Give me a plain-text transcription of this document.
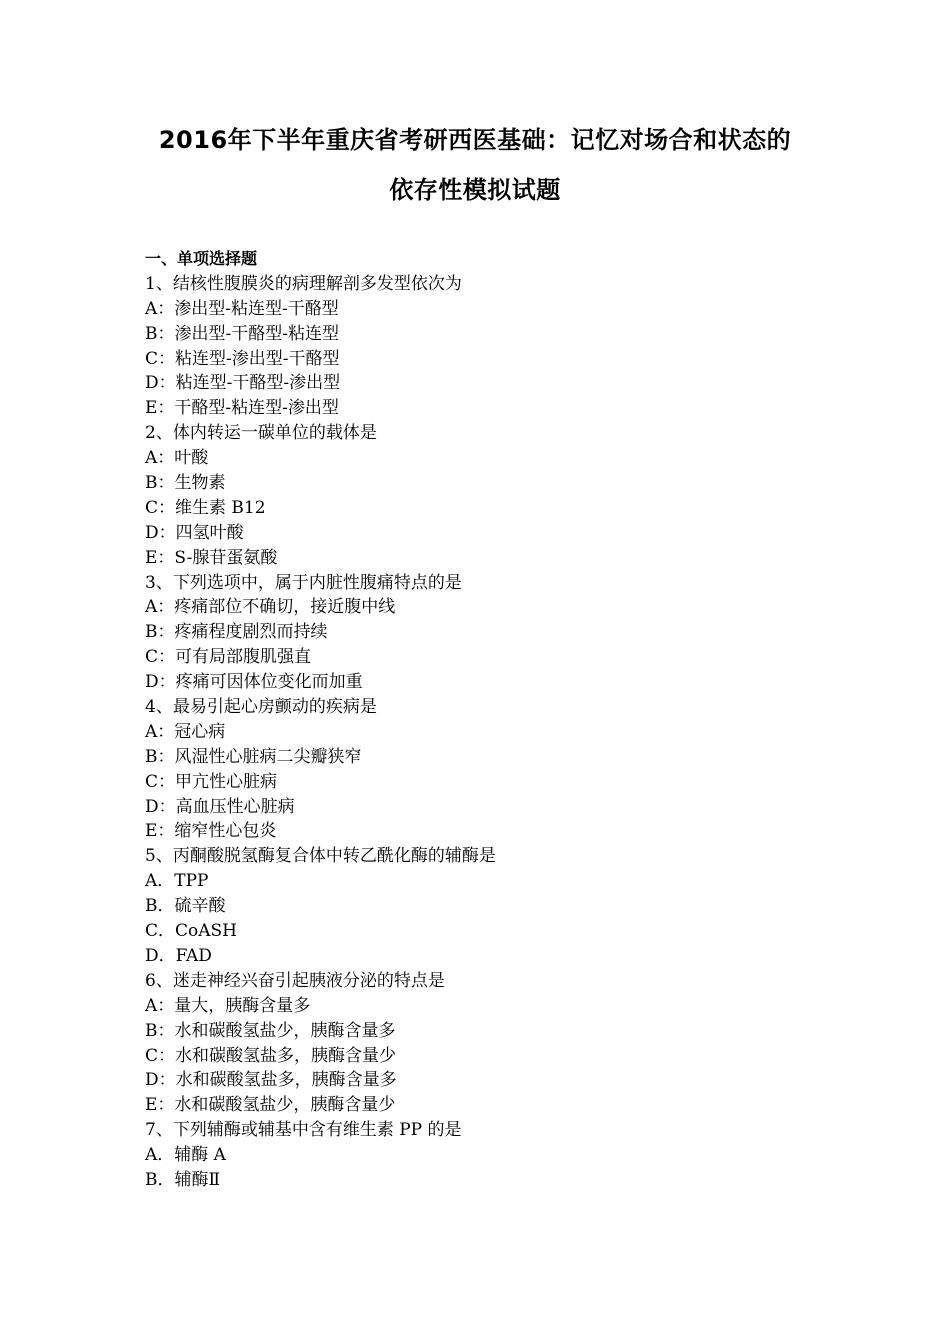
2016年下半年重庆省考研西医基础：记忆对场合和状态的
依存性模拟试题
一、单项选择题
1、结核性腹膜炎的病理解剖多发型依次为
A：渗出型-粘连型-干酪型
B：渗出型-干酪型-粘连型
C：粘连型-渗出型-干酪型
D：粘连型-干酪型-渗出型
E：干酪型-粘连型-渗出型
2、体内转运一碳单位的载体是
A：叶酸
B：生物素
C：维生素 B12
D：四氢叶酸
E：S-腺苷蛋氨酸
3、下列选项中，属于内脏性腹痛特点的是
A：疼痛部位不确切，接近腹中线
B：疼痛程度剧烈而持续
C：可有局部腹肌强直
D：疼痛可因体位变化而加重
4、最易引起心房颤动的疾病是
A：冠心病
B：风湿性心脏病二尖瓣狭窄
C：甲亢性心脏病
D：高血压性心脏病
E：缩窄性心包炎
5、丙酮酸脱氢酶复合体中转乙酰化酶的辅酶是
A．TPP
B．硫辛酸
C．CoASH
D．FAD
6、迷走神经兴奋引起胰液分泌的特点是
A：量大，胰酶含量多
B：水和碳酸氢盐少，胰酶含量多
C：水和碳酸氢盐多，胰酶含量少
D：水和碳酸氢盐多，胰酶含量多
E：水和碳酸氢盐少，胰酶含量少
7、下列辅酶或辅基中含有维生素 PP 的是
A．辅酶 A
B．辅酶Ⅱ
